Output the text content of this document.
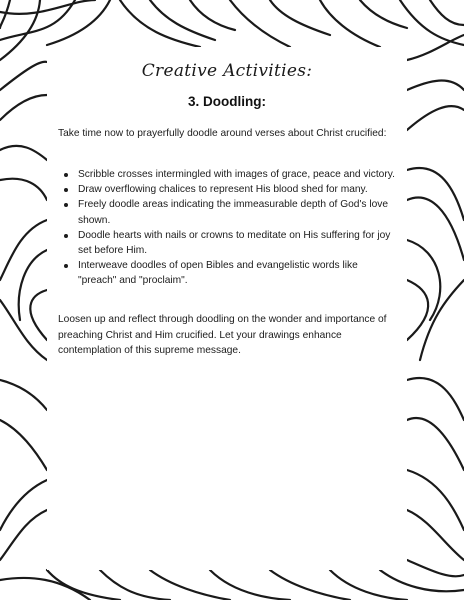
Creative Activities:
3. Doodling:

Take time now to prayerfully doodle around verses about Christ crucified:

Scribble crosses intermingled with images of grace, peace and victory.
Draw overflowing chalices to represent His blood shed for many.
Freely doodle areas indicating the immeasurable depth of God's love shown.
Doodle hearts with nails or crowns to meditate on His suffering for joy set before Him.
Interweave doodles of open Bibles and evangelistic words like "preach" and "proclaim".

Loosen up and reflect through doodling on the wonder and importance of preaching Christ and Him crucified. Let your drawings enhance contemplation of this supreme message.
